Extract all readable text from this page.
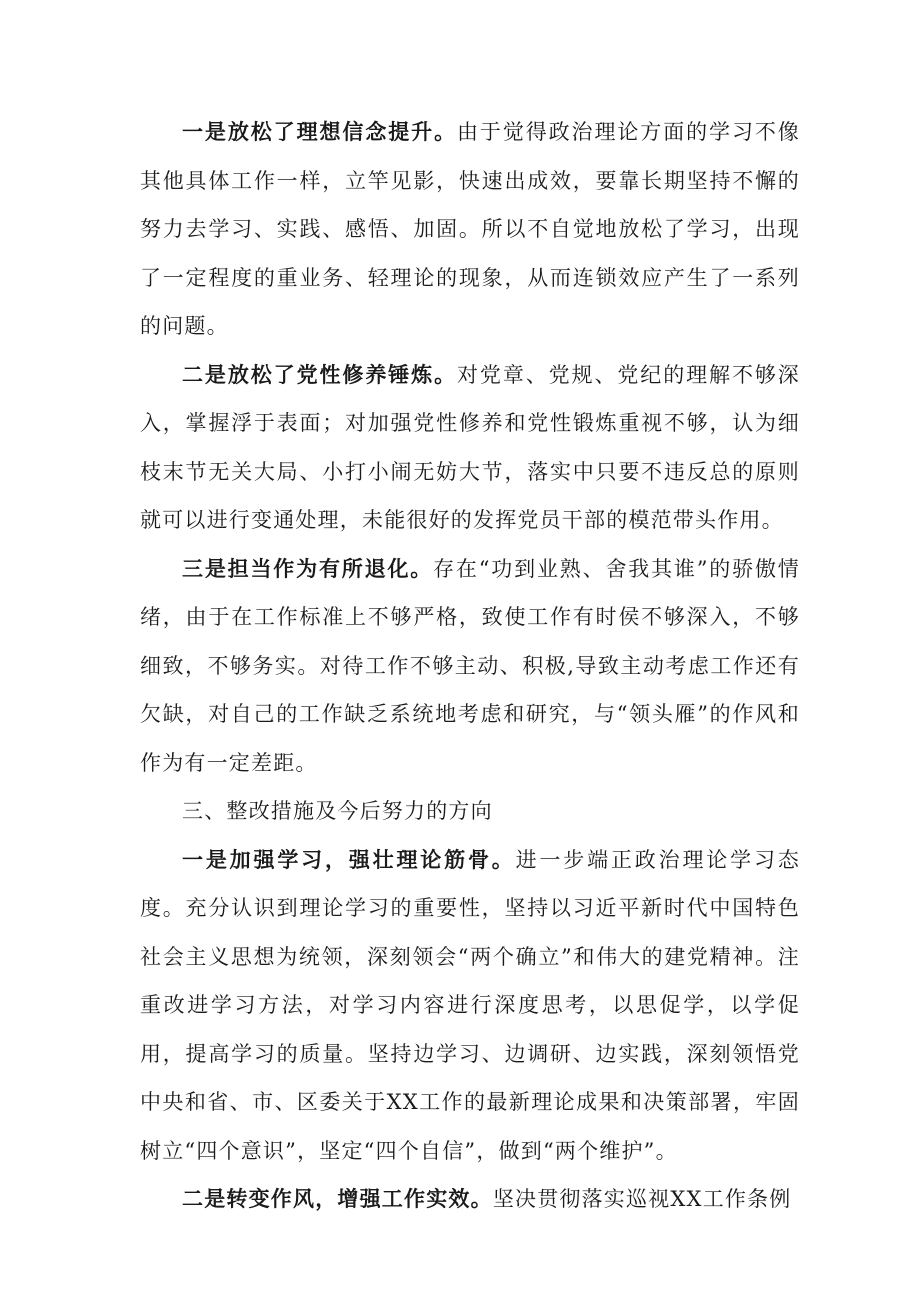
一是放松了理想信念提升。由于觉得政治理论方面的学习不像其他具体工作一样，立竿见影，快速出成效，要靠长期坚持不懈的努力去学习、实践、感悟、加固。所以不自觉地放松了学习，出现了一定程度的重业务、轻理论的现象，从而连锁效应产生了一系列的问题。

二是放松了党性修养锤炼。对党章、党规、党纪的理解不够深入，掌握浮于表面；对加强党性修养和党性锻炼重视不够，认为细枝末节无关大局、小打小闹无妨大节，落实中只要不违反总的原则就可以进行变通处理，未能很好的发挥党员干部的模范带头作用。

三是担当作为有所退化。存在“功到业熟、舍我其谁”的骄傲情绪，由于在工作标准上不够严格，致使工作有时侯不够深入，不够细致，不够务实。对待工作不够主动、积极,导致主动考虑工作还有欠缺，对自己的工作缺乏系统地考虑和研究，与“领头雁”的作风和作为有一定差距。

三、整改措施及今后努力的方向

一是加强学习，强壮理论筋骨。进一步端正政治理论学习态度。充分认识到理论学习的重要性，坚持以习近平新时代中国特色社会主义思想为统领，深刻领会“两个确立”和伟大的建党精神。注重改进学习方法，对学习内容进行深度思考，以思促学，以学促用，提高学习的质量。坚持边学习、边调研、边实践，深刻领悟党中央和省、市、区委关于XX工作的最新理论成果和决策部署，牢固树立“四个意识”，坚定“四个自信”，做到“两个维护”。

二是转变作风，增强工作实效。坚决贯彻落实巡视XX工作条例
